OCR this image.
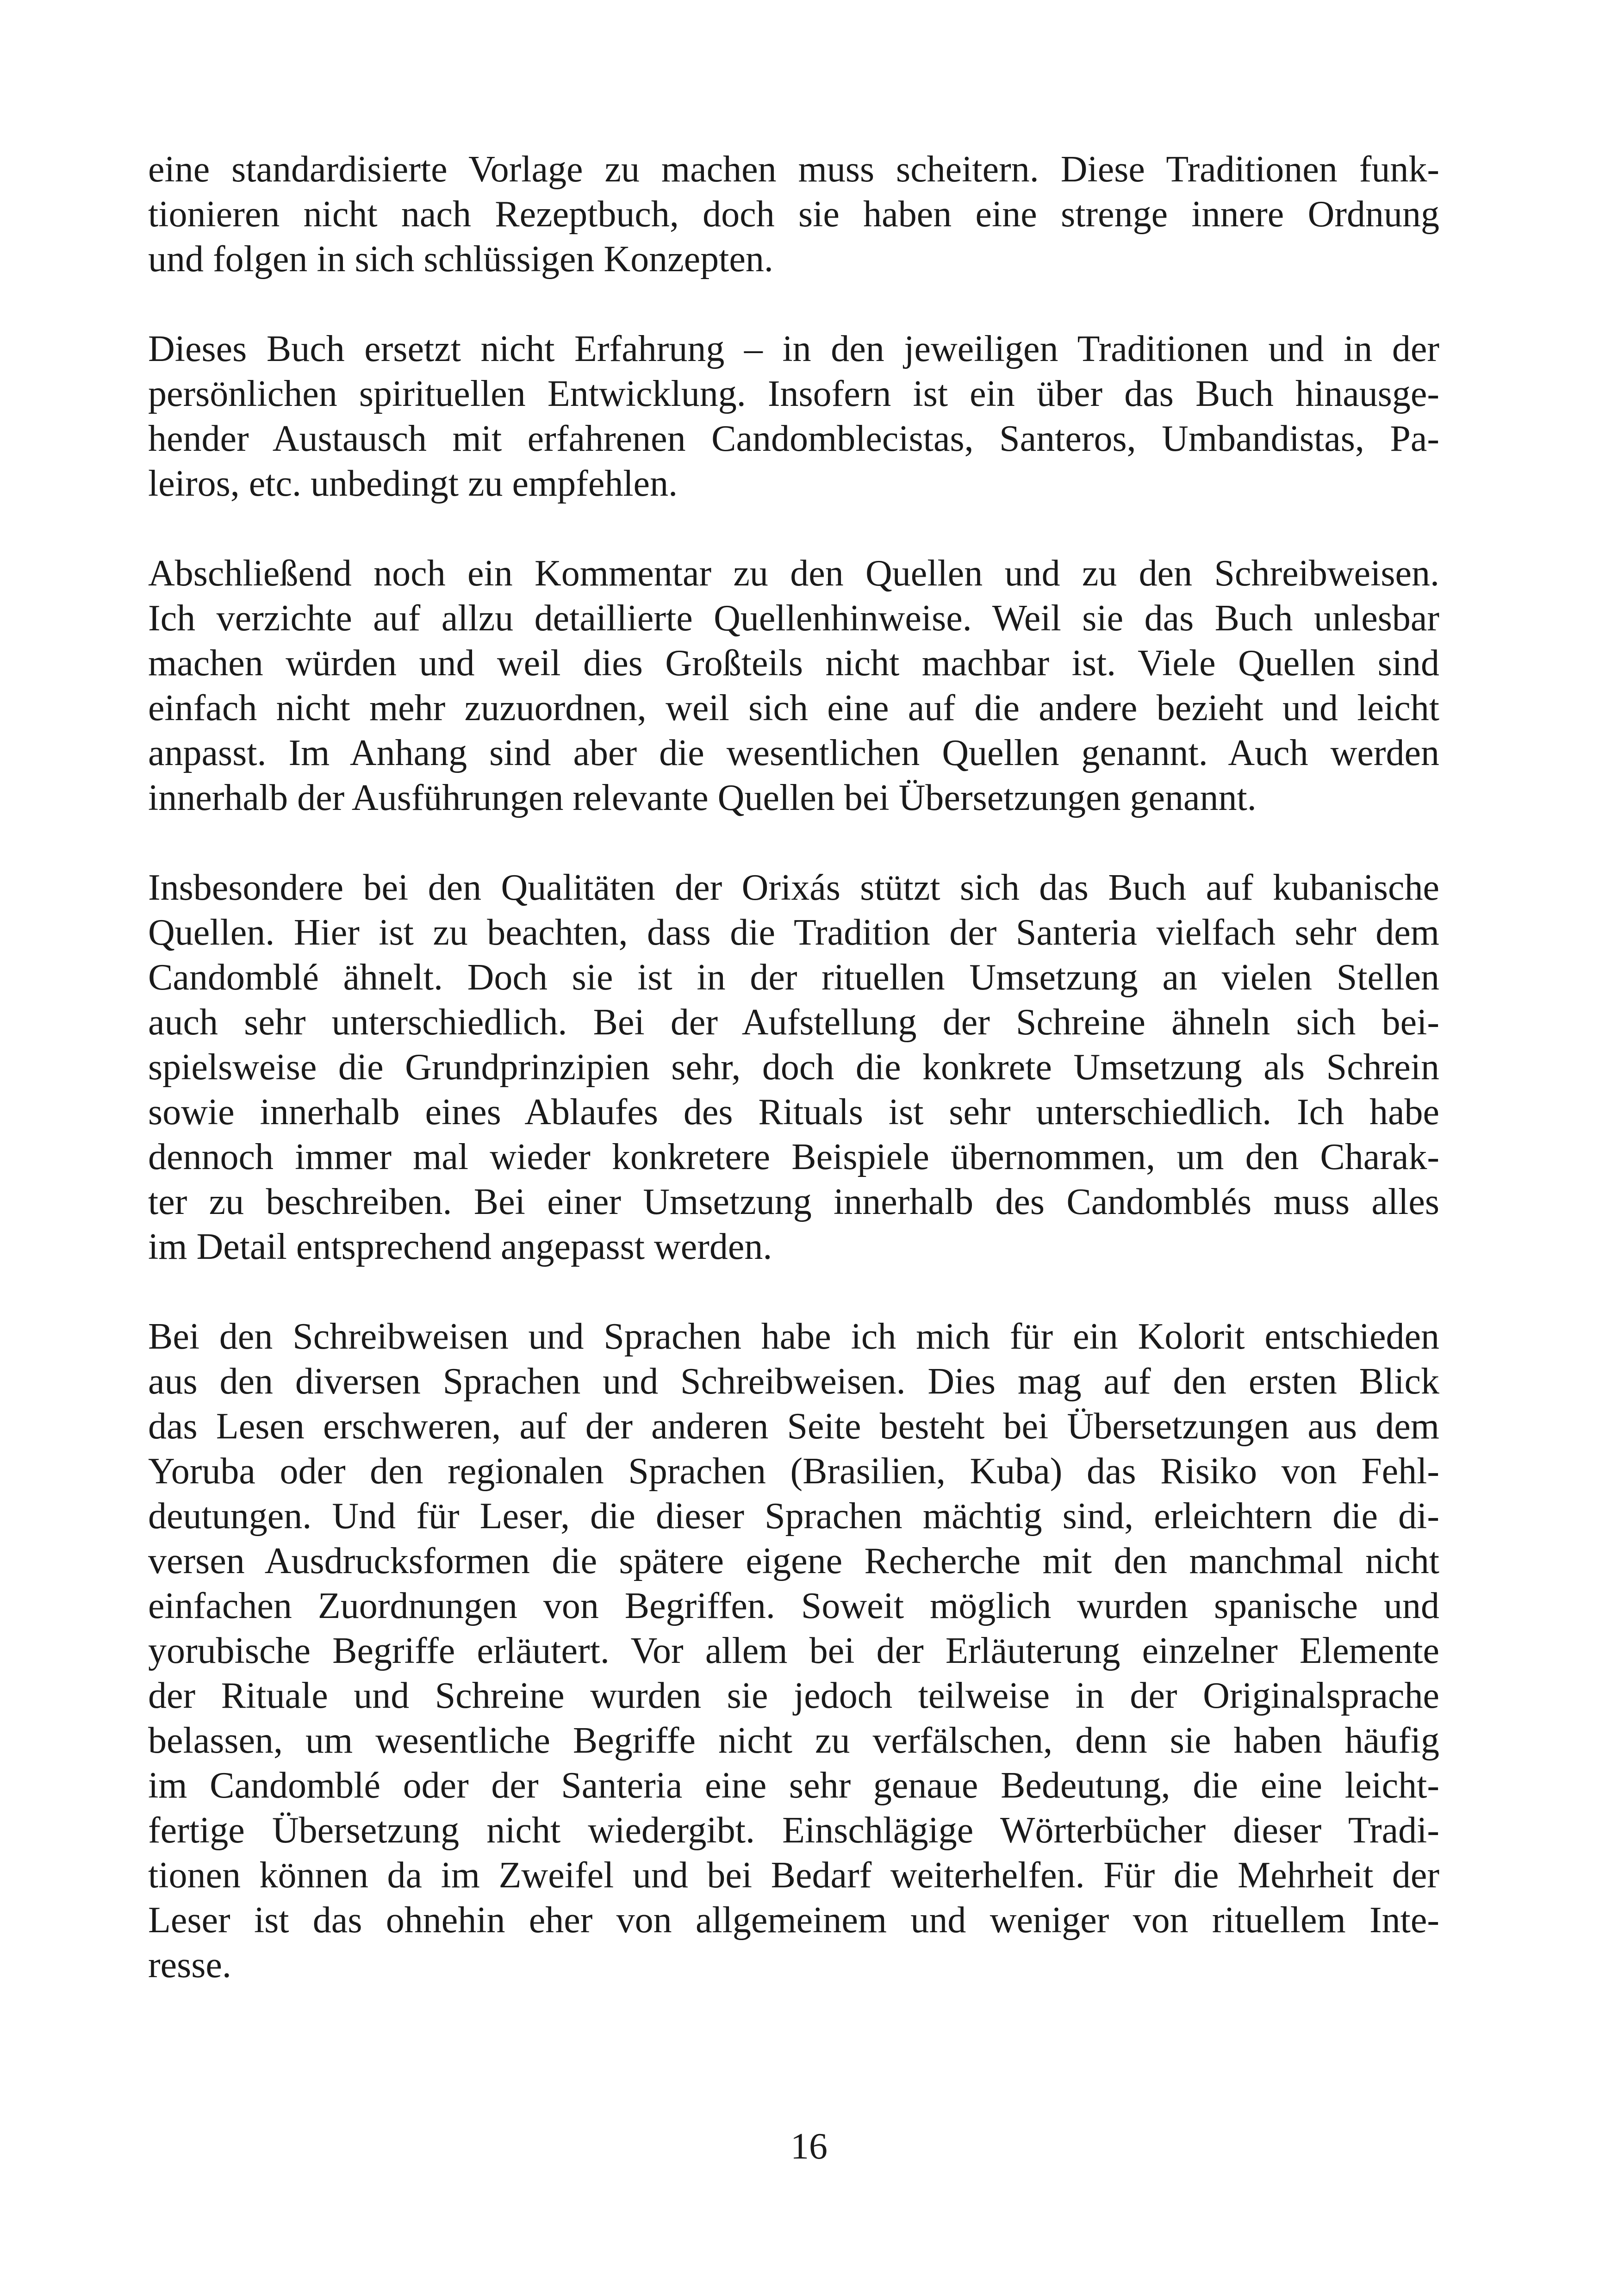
eine standardisierte Vorlage zu machen muss scheitern. Diese Traditionen funk-
tionieren nicht nach Rezeptbuch, doch sie haben eine strenge innere Ordnung
und folgen in sich schlüssigen Konzepten.

Dieses Buch ersetzt nicht Erfahrung – in den jeweiligen Traditionen und in der
persönlichen spirituellen Entwicklung. Insofern ist ein über das Buch hinausge-
hender Austausch mit erfahrenen Candomblecistas, Santeros, Umbandistas, Pa-
leiros, etc. unbedingt zu empfehlen.

Abschließend noch ein Kommentar zu den Quellen und zu den Schreibweisen.
Ich verzichte auf allzu detaillierte Quellenhinweise. Weil sie das Buch unlesbar
machen würden und weil dies Großteils nicht machbar ist. Viele Quellen sind
einfach nicht mehr zuzuordnen, weil sich eine auf die andere bezieht und leicht
anpasst. Im Anhang sind aber die wesentlichen Quellen genannt. Auch werden
innerhalb der Ausführungen relevante Quellen bei Übersetzungen genannt.

Insbesondere bei den Qualitäten der Orixás stützt sich das Buch auf kubanische
Quellen. Hier ist zu beachten, dass die Tradition der Santeria vielfach sehr dem
Candomblé ähnelt. Doch sie ist in der rituellen Umsetzung an vielen Stellen
auch sehr unterschiedlich. Bei der Aufstellung der Schreine ähneln sich bei-
spielsweise die Grundprinzipien sehr, doch die konkrete Umsetzung als Schrein
sowie innerhalb eines Ablaufes des Rituals ist sehr unterschiedlich. Ich habe
dennoch immer mal wieder konkretere Beispiele übernommen, um den Charak-
ter zu beschreiben. Bei einer Umsetzung innerhalb des Candomblés muss alles
im Detail entsprechend angepasst werden.

Bei den Schreibweisen und Sprachen habe ich mich für ein Kolorit entschieden
aus den diversen Sprachen und Schreibweisen. Dies mag auf den ersten Blick
das Lesen erschweren, auf der anderen Seite besteht bei Übersetzungen aus dem
Yoruba oder den regionalen Sprachen (Brasilien, Kuba) das Risiko von Fehl-
deutungen. Und für Leser, die dieser Sprachen mächtig sind, erleichtern die di-
versen Ausdrucksformen die spätere eigene Recherche mit den manchmal nicht
einfachen Zuordnungen von Begriffen. Soweit möglich wurden spanische und
yorubische Begriffe erläutert. Vor allem bei der Erläuterung einzelner Elemente
der Rituale und Schreine wurden sie jedoch teilweise in der Originalsprache
belassen, um wesentliche Begriffe nicht zu verfälschen, denn sie haben häufig
im Candomblé oder der Santeria eine sehr genaue Bedeutung, die eine leicht-
fertige Übersetzung nicht wiedergibt. Einschlägige Wörterbücher dieser Tradi-
tionen können da im Zweifel und bei Bedarf weiterhelfen. Für die Mehrheit der
Leser ist das ohnehin eher von allgemeinem und weniger von rituellem Inte-
resse.

16
